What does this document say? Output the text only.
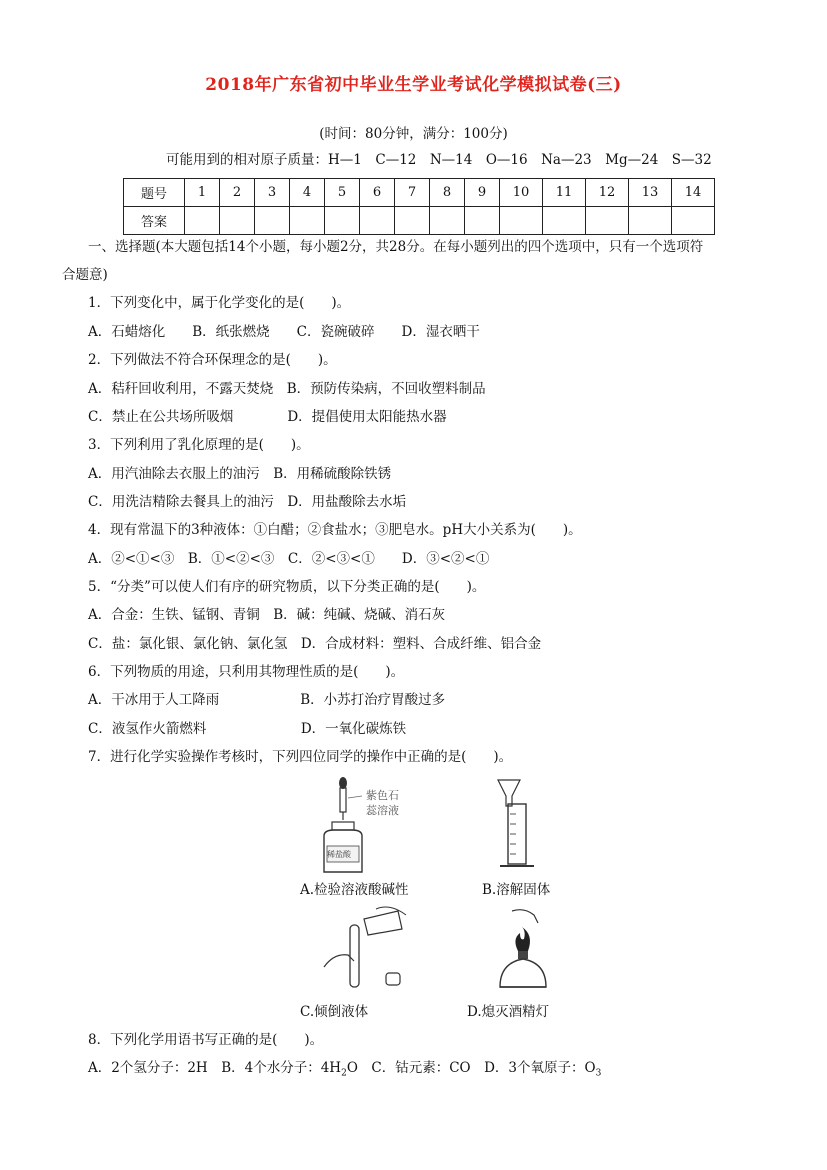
2018年广东省初中毕业生学业考试化学模拟试卷(三)
(时间：80分钟，满分：100分)
可能用到的相对原子质量：H—1　C—12　N—14　O—16　Na—23　Mg—24　S—32
题号	1	2	3	4	5	6	7	8	9	10	11	12	13	14
答案														
一、选择题(本大题包括14个小题，每小题2分，共28分。在每小题列出的四个选项中，只有一个选项符
合题意)
1．下列变化中，属于化学变化的是(　　)。
A．石蜡熔化　　B．纸张燃烧　　C．瓷碗破碎　　D．湿衣晒干
2．下列做法不符合环保理念的是(　　)。
A．秸秆回收利用，不露天焚烧　B．预防传染病，不回收塑料制品
C．禁止在公共场所吸烟　　　　D．提倡使用太阳能热水器
3．下列利用了乳化原理的是(　　)。
A．用汽油除去衣服上的油污　B．用稀硫酸除铁锈
C．用洗洁精除去餐具上的油污　D．用盐酸除去水垢
4．现有常温下的3种液体：①白醋；②食盐水；③肥皂水。pH大小关系为(　　)。
A．②<①<③　B．①<②<③　C．②<③<①　　D．③<②<①
5．“分类”可以使人们有序的研究物质，以下分类正确的是(　　)。
A．合金：生铁、锰钢、青铜　B．碱：纯碱、烧碱、消石灰
C．盐：氯化银、氯化钠、氯化氢　D．合成材料：塑料、合成纤维、铝合金
6．下列物质的用途，只利用其物理性质的是(　　)。
A．干冰用于人工降雨　　　　　　B．小苏打治疗胃酸过多
C．液氢作火箭燃料　　　　　　　D．一氧化碳炼铁
7．进行化学实验操作考核时，下列四位同学的操作中正确的是(　　)。
紫色石
蕊溶液
稀盐酸
A.检验溶液酸碱性	B.溶解固体
C.倾倒液体	D.熄灭酒精灯
8．下列化学用语书写正确的是(　　)。
A．2个氢分子：2H　B．4个水分子：$4H_2O$　C．钴元素：CO　D．3个氧原子：$O_3$
